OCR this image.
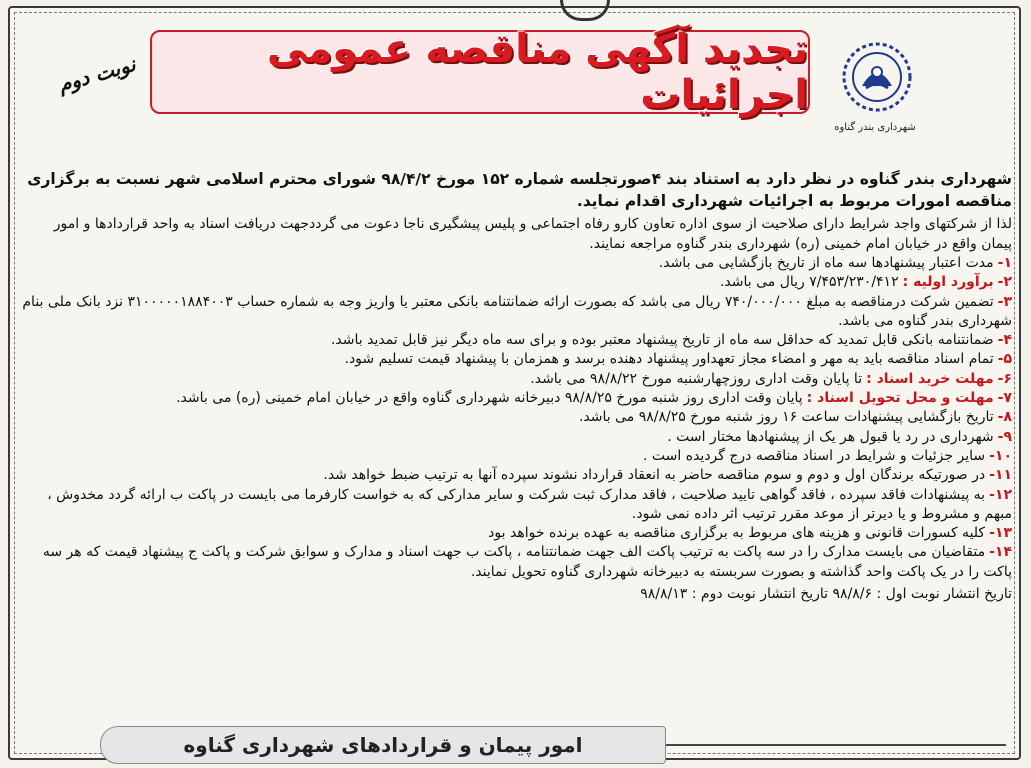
شهرداری بندر گناوه
تجدید آگهی مناقصه عمومی اجرائیات
نوبت دوم

شهرداری بندر گناوه در نظر دارد به استناد بند ۴صورتجلسه شماره ۱۵۲ مورخ ۹۸/۴/۲ شورای محترم اسلامی شهر نسبت به برگزاری مناقصه امورات مربوط به اجرائیات شهرداری اقدام نماید.

لذا از شرکتهای واجد شرایط دارای صلاحیت از سوی اداره تعاون کارو رفاه اجتماعی و پلیس پیشگیری ناجا دعوت می گرددجهت دریافت اسناد به واحد قراردادها و امور پیمان واقع در خیابان امام خمینی (ره) شهرداری بندر گناوه مراجعه نمایند.

۱-مدت اعتبار پیشنهادها سه ماه از تاریخ بازگشایی می باشد.

۲-برآورد اولیه :۷/۴۵۳/۲۳۰/۴۱۲ ریال می باشد.

۳-تضمین شرکت درمناقصه به مبلغ ۷۴۰/۰۰۰/۰۰۰ ریال می باشد که بصورت ارائه ضمانتنامه بانکی معتبر یا واریز وجه به شماره حساب ۳۱۰۰۰۰۰۱۸۸۴۰۰۳ نزد بانک ملی بنام شهرداری بندر گناوه می باشد.

۴-ضمانتنامه بانکی قابل تمدید که حداقل سه ماه از تاریخ پیشنهاد معتبر بوده و برای سه ماه دیگر نیز قابل تمدید باشد.

۵-تمام اسناد مناقصه باید به مهر و امضاء مجاز تعهداور پیشنهاد دهنده برسد و همزمان با پیشنهاد قیمت تسلیم شود.

۶-مهلت خرید اسناد :تا پایان وقت اداری روزچهارشنبه مورخ ۹۸/۸/۲۲ می باشد.

۷-مهلت و محل تحویل اسناد :پایان وقت اداری روز شنبه مورخ ۹۸/۸/۲۵ دبیرخانه شهرداری گناوه واقع در خیابان امام خمینی (ره) می باشد.

۸-تاریخ بازگشایی پیشنهادات ساعت ۱۶ روز شنبه مورخ ۹۸/۸/۲۵ می باشد.

۹-شهرداری در رد یا قبول هر یک از پیشنهادها مختار است .

۱۰-سایر جزئیات و شرایط در اسناد مناقصه درج گردیده است .

۱۱-در صورتیکه برندگان اول و دوم و سوم مناقصه حاضر به انعقاد قرارداد نشوند سپرده آنها به ترتیب ضبط خواهد شد.

۱۲-به پیشنهادات فاقد سپرده ، فاقد گواهی تایید صلاحیت ، فاقد مدارک ثبت شرکت و سایر مدارکی که به خواست کارفرما می بایست در پاکت ب ارائه گردد مخدوش ، مبهم و مشروط و یا دیرتر از موعد مقرر ترتیب اثر داده نمی شود.

۱۳-کلیه کسورات قانونی و هزینه های مربوط به برگزاری مناقصه به عهده برنده خواهد بود

۱۴-متقاضیان می بایست مدارک را در سه پاکت به ترتیب پاکت الف جهت ضمانتنامه ، پاکت ب جهت اسناد و مدارک و سوابق شرکت و پاکت ج پیشنهاد قیمت که هر سه پاکت را در یک پاکت واحد گذاشته و بصورت سربسته به دبیرخانه شهرداری گناوه تحویل نمایند.

تاریخ انتشار نوبت اول : ۹۸/۸/۶ تاریخ انتشار نوبت دوم : ۹۸/۸/۱۳
امور پیمان و قراردادهای شهرداری گناوه
